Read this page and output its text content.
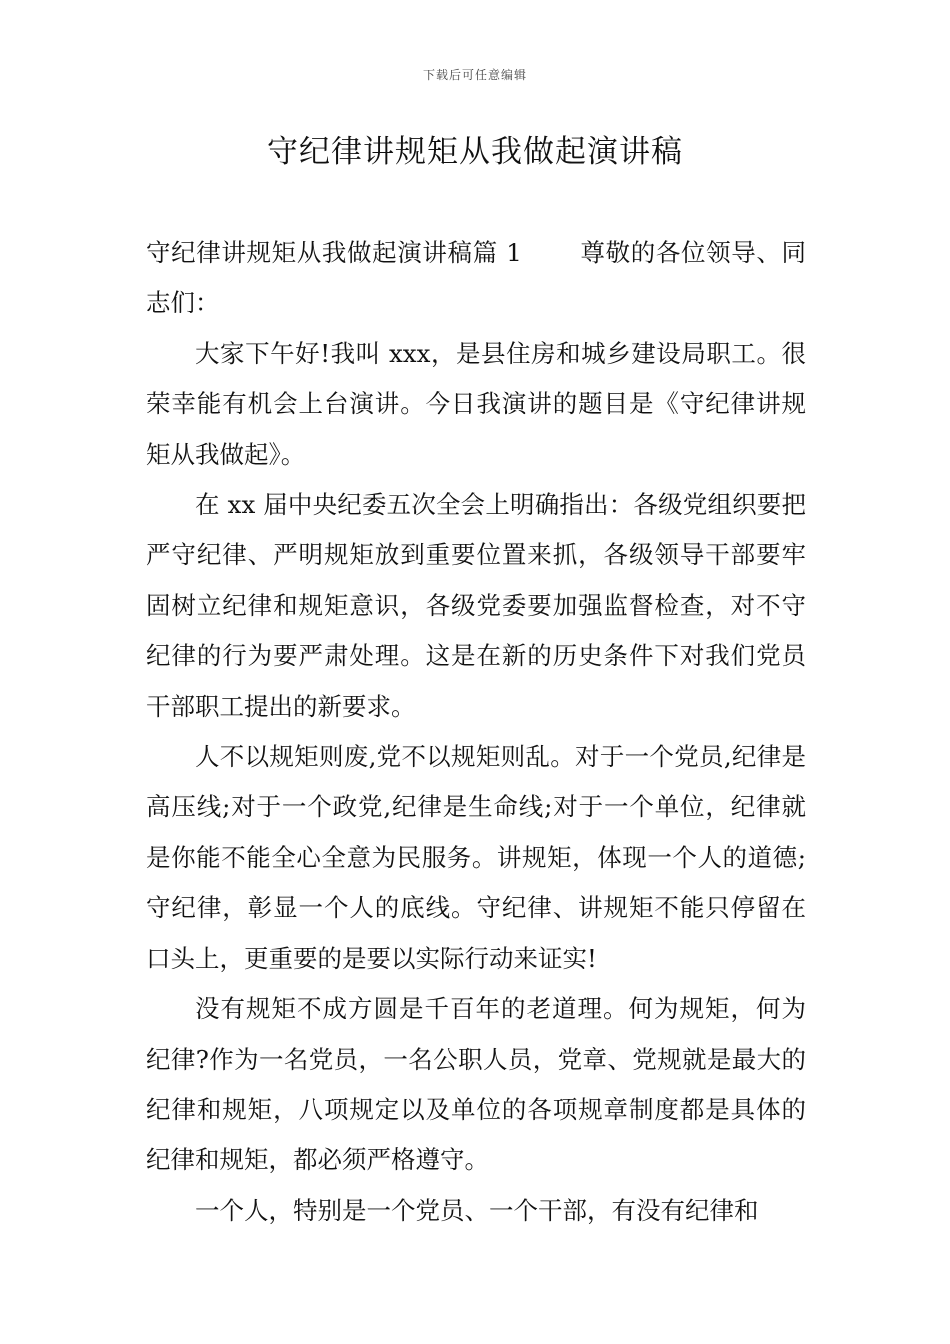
下载后可任意编辑
守纪律讲规矩从我做起演讲稿

守纪律讲规矩从我做起演讲稿篇 1 尊敬的各位领导、同志们：

大家下午好!我叫 xxx，是县住房和城乡建设局职工。很荣幸能有机会上台演讲。今日我演讲的题目是《守纪律讲规矩从我做起》。

在 xx 届中央纪委五次全会上明确指出：各级党组织要把严守纪律、严明规矩放到重要位置来抓，各级领导干部要牢固树立纪律和规矩意识，各级党委要加强监督检查，对不守纪律的行为要严肃处理。这是在新的历史条件下对我们党员干部职工提出的新要求。

人不以规矩则废,党不以规矩则乱。对于一个党员,纪律是高压线;对于一个政党,纪律是生命线;对于一个单位，纪律就是你能不能全心全意为民服务。讲规矩，体现一个人的道德;守纪律，彰显一个人的底线。守纪律、讲规矩不能只停留在口头上，更重要的是要以实际行动来证实!

没有规矩不成方圆是千百年的老道理。何为规矩，何为纪律?作为一名党员，一名公职人员，党章、党规就是最大的纪律和规矩，八项规定以及单位的各项规章制度都是具体的纪律和规矩，都必须严格遵守。

一个人，特别是一个党员、一个干部，有没有纪律和
